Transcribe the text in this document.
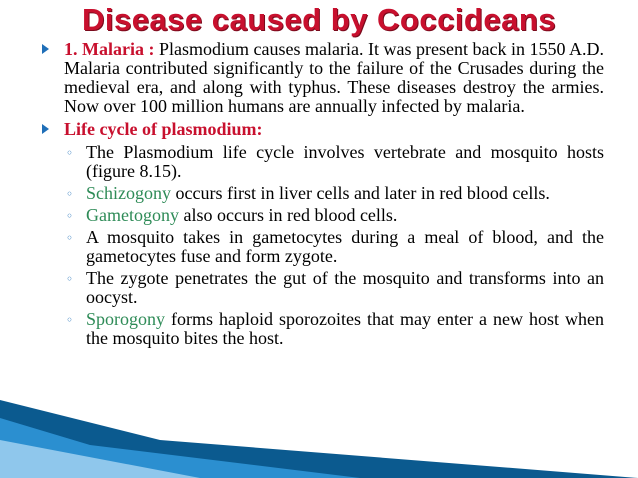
Disease caused by Coccideans
1. Malaria : Plasmodium causes malaria. It was present back in 1550 A.D. Malaria contributed significantly to the failure of the Crusades during the medieval era, and along with typhus. These diseases destroy the armies. Now over 100 million humans are annually infected by malaria.
Life cycle of plasmodium:
◦ The Plasmodium life cycle involves vertebrate and mosquito hosts (figure 8.15).
◦ Schizogony occurs first in liver cells and later in red blood cells.
◦ Gametogony also occurs in red blood cells.
◦ A mosquito takes in gametocytes during a meal of blood, and the gametocytes fuse and form zygote.
◦ The zygote penetrates the gut of the mosquito and transforms into an oocyst.
◦ Sporogony forms haploid sporozoites that may enter a new host when the mosquito bites the host.
